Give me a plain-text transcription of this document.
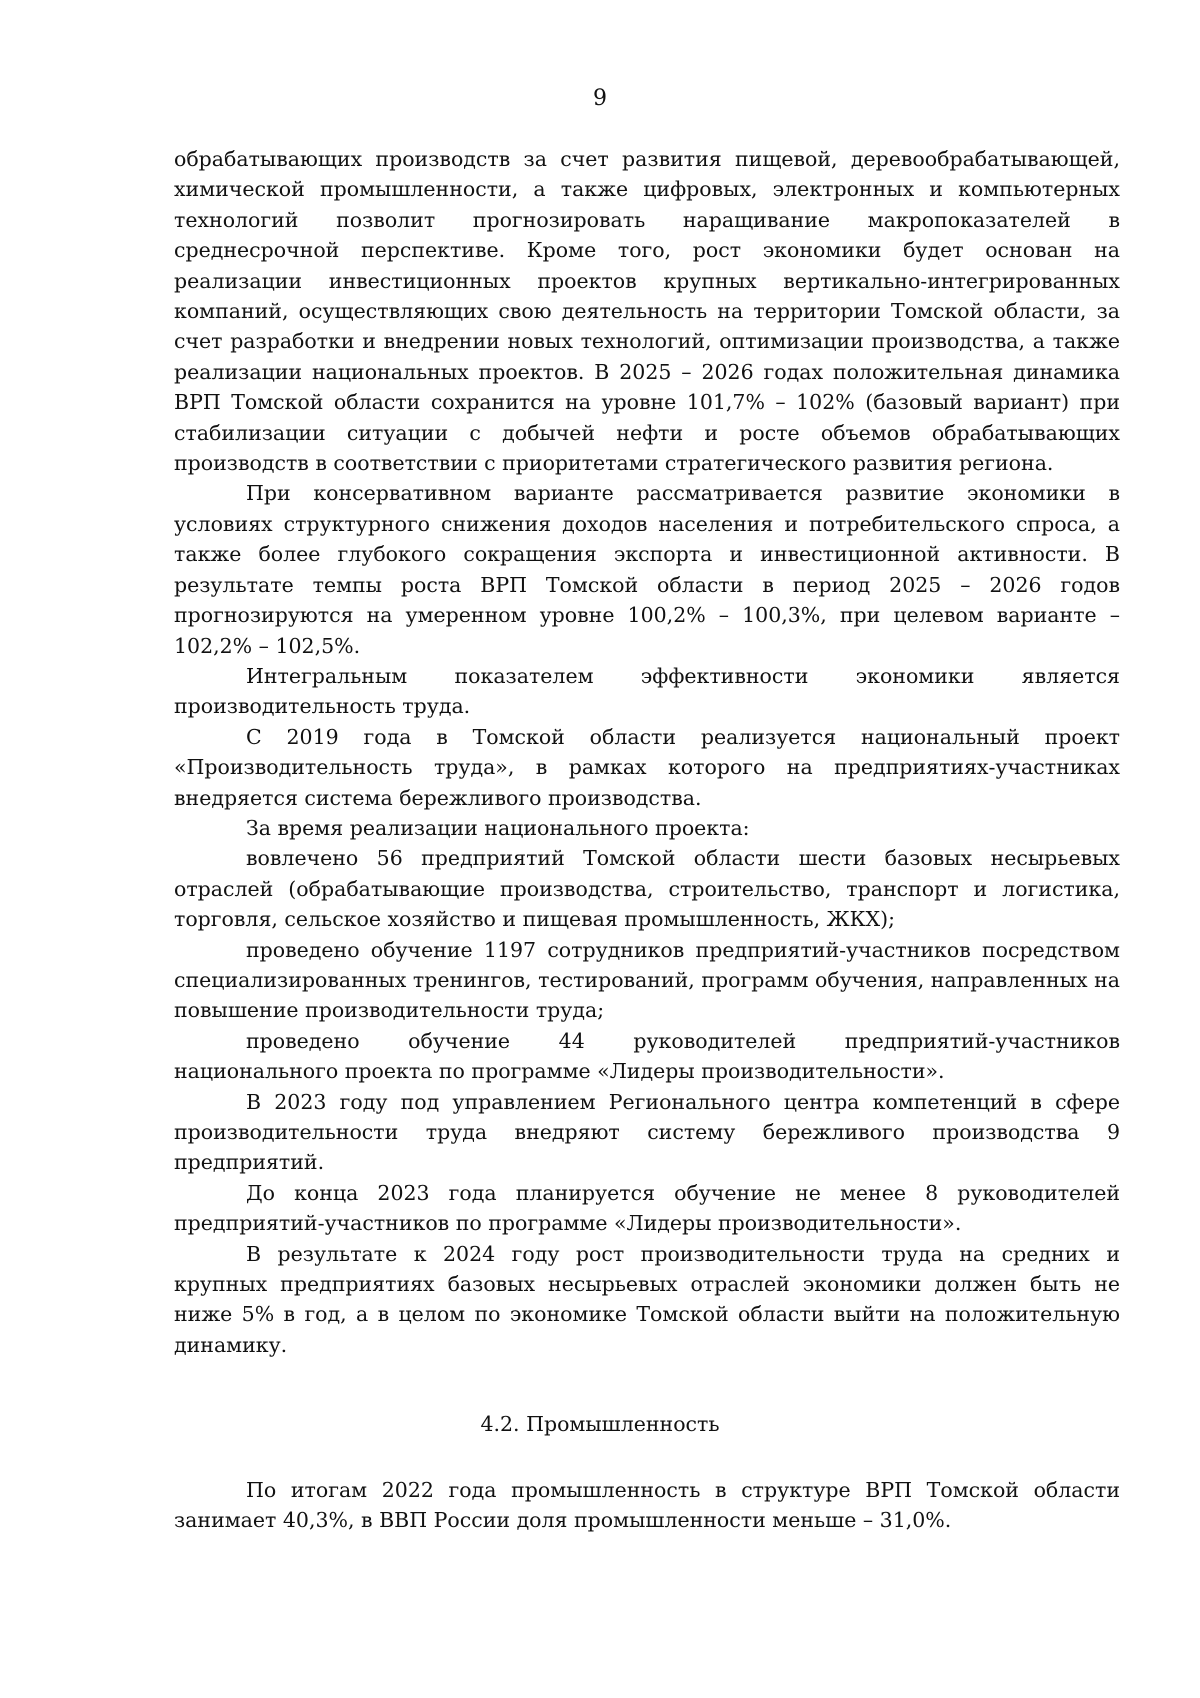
9

обрабатывающих производств за счет развития пищевой, деревообрабатывающей, химической промышленности, а также цифровых, электронных и компьютерных технологий позволит прогнозировать наращивание макропоказателей в среднесрочной перспективе. Кроме того, рост экономики будет основан на реализации инвестиционных проектов крупных вертикально-интегрированных компаний, осуществляющих свою деятельность на территории Томской области, за счет разработки и внедрении новых технологий, оптимизации производства, а также реализации национальных проектов. В 2025 – 2026 годах положительная динамика ВРП Томской области сохранится на уровне 101,7% – 102% (базовый вариант) при стабилизации ситуации с добычей нефти и росте объемов обрабатывающих производств в соответствии с приоритетами стратегического развития региона.

При консервативном варианте рассматривается развитие экономики в условиях структурного снижения доходов населения и потребительского спроса, а также более глубокого сокращения экспорта и инвестиционной активности. В результате темпы роста ВРП Томской области в период 2025 – 2026 годов прогнозируются на умеренном уровне 100,2% – 100,3%, при целевом варианте – 102,2% – 102,5%.

Интегральным показателем эффективности экономики является производительность труда.

С 2019 года в Томской области реализуется национальный проект «Производительность труда», в рамках которого на предприятиях-участниках внедряется система бережливого производства.

За время реализации национального проекта:

вовлечено 56 предприятий Томской области шести базовых несырьевых отраслей (обрабатывающие производства, строительство, транспорт и логистика, торговля, сельское хозяйство и пищевая промышленность, ЖКХ);

проведено обучение 1197 сотрудников предприятий-участников посредством специализированных тренингов, тестирований, программ обучения, направленных на повышение производительности труда;

проведено обучение 44 руководителей предприятий-участников национального проекта по программе «Лидеры производительности».

В 2023 году под управлением Регионального центра компетенций в сфере производительности труда внедряют систему бережливого производства 9 предприятий.

До конца 2023 года планируется обучение не менее 8 руководителей предприятий-участников по программе «Лидеры производительности».

В результате к 2024 году рост производительности труда на средних и крупных предприятиях базовых несырьевых отраслей экономики должен быть не ниже 5% в год, а в целом по экономике Томской области выйти на положительную динамику.

4.2. Промышленность

По итогам 2022 года промышленность в структуре ВРП Томской области занимает 40,3%, в ВВП России доля промышленности меньше – 31,0%.
